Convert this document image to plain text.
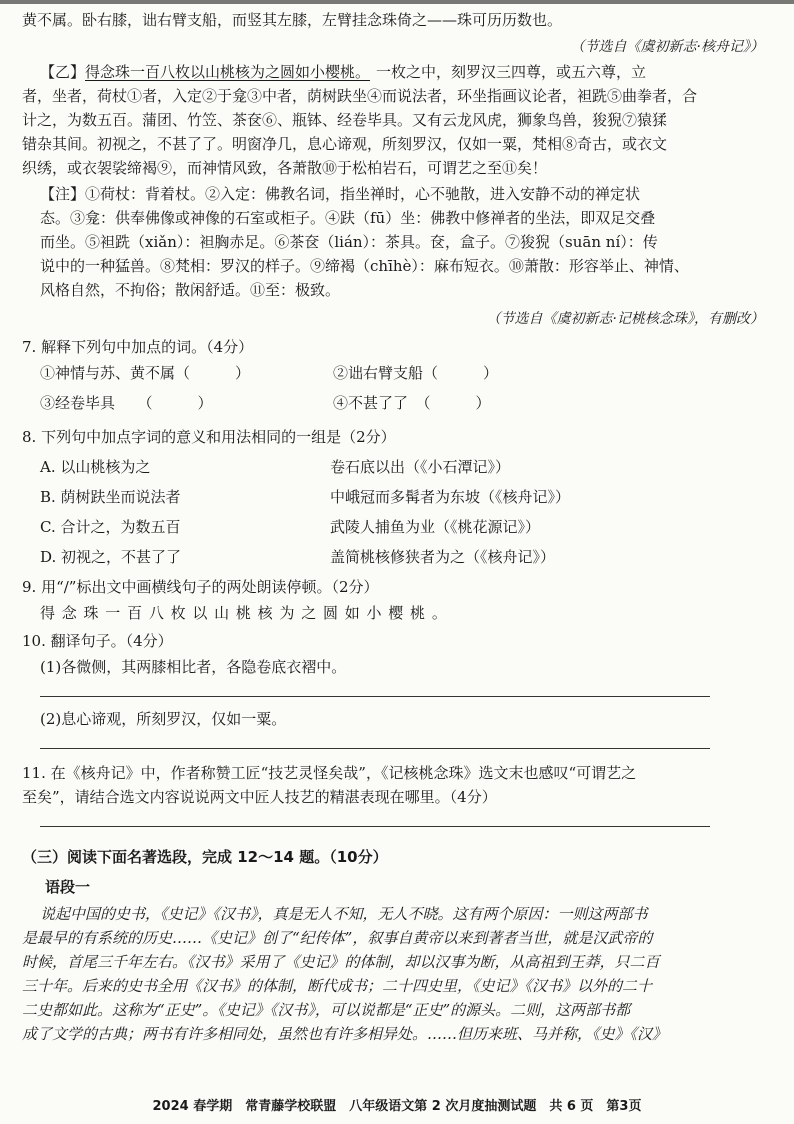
黄不属。卧右膝，诎右臂支船，而竖其左膝，左臂挂念珠倚之——珠可历历数也。
（节选自《虞初新志·核舟记》）
【乙】得念珠一百八枚以山桃核为之圆如小樱桃。 一枚之中，刻罗汉三四尊，或五六尊，立
者，坐者，荷杖①者，入定②于龛③中者，荫树趺坐④而说法者，环坐指画议论者，袒跣⑤曲拳者，合
计之，为数五百。蒲团、竹笠、茶奁⑥、瓶钵、经卷毕具。又有云龙风虎，狮象鸟兽，狻猊⑦猿猱
错杂其间。初视之，不甚了了。明窗净几，息心谛观，所刻罗汉，仅如一粟，梵相⑧奇古，或衣文
织绣，或衣袈裟缔褐⑨，而神情风致，各萧散⑩于松柏岩石，可谓艺之至⑪矣！
【注】①荷杖：背着杖。②入定：佛教名词，指坐禅时，心不驰散，进入安静不动的禅定状
态。③龛：供奉佛像或神像的石室或柜子。④趺（fū）坐：佛教中修禅者的坐法，即双足交叠
而坐。⑤袒跣（xiǎn）：袒胸赤足。⑥茶奁（lián）：茶具。奁，盒子。⑦狻猊（suān ní）：传
说中的一种猛兽。⑧梵相：罗汉的样子。⑨缔褐（chīhè）：麻布短衣。⑩萧散：形容举止、神情、
风格自然，不拘俗；散闲舒适。⑪至：极致。
（节选自《虞初新志·记桃核念珠》，有删改）
7. 解释下列句中加点的词。（4分）
①神情与苏、黄不属（　　　）	②诎右臂支船（　　　）
③经卷毕具　　（　　　）	④不甚了了　（　　　）
8. 下列句中加点字词的意义和用法相同的一组是（2分）
A. 以山桃核为之	卷石底以出（《小石潭记》）
B. 荫树趺坐而说法者	中峨冠而多髯者为东坡（《核舟记》）
C. 合计之，为数五百	武陵人捕鱼为业（《桃花源记》）
D. 初视之，不甚了了	盖简桃核修狭者为之（《核舟记》）
9. 用“/”标出文中画横线句子的两处朗读停顿。（2分）
得 念 珠 一 百 八 枚 以 山 桃 核 为 之 圆 如 小 樱 桃 。
10. 翻译句子。（4分）
(1)各微侧，其两膝相比者，各隐卷底衣褶中。
(2)息心谛观，所刻罗汉，仅如一粟。
11. 在《核舟记》中，作者称赞工匠“技艺灵怪矣哉”，《记核桃念珠》选文末也感叹“可谓艺之
至矣”，请结合选文内容说说两文中匠人技艺的精湛表现在哪里。（4分）
（三）阅读下面名著选段，完成 12～14 题。（10分）
语段一
说起中国的史书，《史记》《汉书》，真是无人不知，无人不晓。这有两个原因：一则这两部书
是最早的有系统的历史……《史记》创了“纪传体”，叙事自黄帝以来到著者当世，就是汉武帝的
时候，首尾三千年左右。《汉书》采用了《史记》的体制，却以汉事为断，从高祖到王莽，只二百
三十年。后来的史书全用《汉书》的体制，断代成书；二十四史里，《史记》《汉书》以外的二十
二史都如此。这称为“正史”。《史记》《汉书》，可以说都是“正史”的源头。二则，这两部书都
成了文学的古典；两书有许多相同处，虽然也有许多相异处。……但历来班、马并称，《史》《汉》
2024 春学期　常青藤学校联盟　八年级语文第 2 次月度抽测试题　共 6 页　第3页
